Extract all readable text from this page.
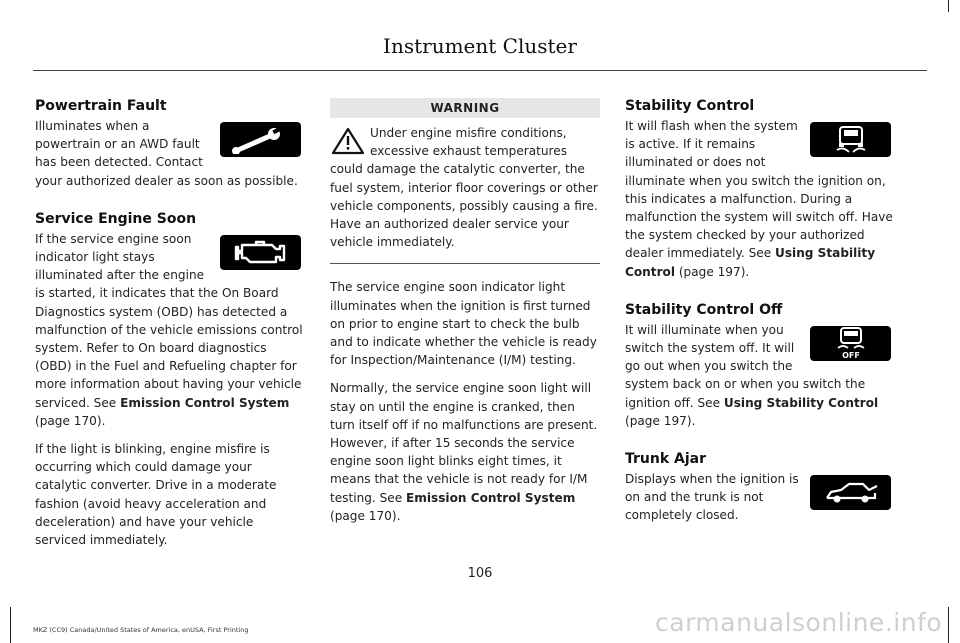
Instrument Cluster
Powertrain Fault

Illuminates when a powertrain or an AWD fault has been detected. Contact your authorized dealer as soon as possible.

Service Engine Soon

If the service engine soon indicator light stays illuminated after the engine is started, it indicates that the On Board Diagnostics system (OBD) has detected a malfunction of the vehicle emissions control system. Refer to On board diagnostics (OBD) in the Fuel and Refueling chapter for more information about having your vehicle serviced. See Emission Control System (page 170).

If the light is blinking, engine misfire is occurring which could damage your catalytic converter. Drive in a moderate fashion (avoid heavy acceleration and deceleration) and have your vehicle serviced immediately.

WARNING

Under engine misfire conditions, excessive exhaust temperatures could damage the catalytic converter, the fuel system, interior floor coverings or other vehicle components, possibly causing a fire. Have an authorized dealer service your vehicle immediately.

The service engine soon indicator light illuminates when the ignition is first turned on prior to engine start to check the bulb and to indicate whether the vehicle is ready for Inspection/Maintenance (I/M) testing.

Normally, the service engine soon light will stay on until the engine is cranked, then turn itself off if no malfunctions are present. However, if after 15 seconds the service engine soon light blinks eight times, it means that the vehicle is not ready for I/M testing. See Emission Control System (page 170).

Stability Control

It will flash when the system is active. If it remains illuminated or does not illuminate when you switch the ignition on, this indicates a malfunction. During a malfunction the system will switch off. Have the system checked by your authorized dealer immediately. See Using Stability Control (page 197).

Stability Control Off
OFF

It will illuminate when you switch the system off. It will go out when you switch the system back on or when you switch the ignition off. See Using Stability Control (page 197).

Trunk Ajar

Displays when the ignition is on and the trunk is not completely closed.

106
MKZ (CC9) Canada/United States of America, enUSA, First Printing	carmanualsonline.info
